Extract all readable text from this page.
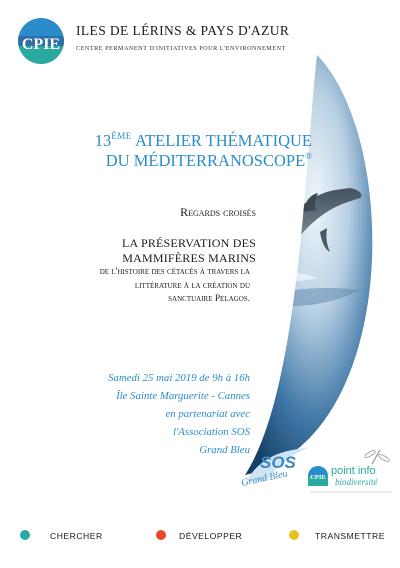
CPIE
ILES DE LÉRINS & PAYS D'AZUR
CENTRE PERMANENT D'INITIATIVES POUR L'ENVIRONNEMENT
13ÈME ATELIER THÉMATIQUE
DU MÉDITERRANOSCOPE®
Regards croisés
LA PRÉSERVATION DES
MAMMIFÈRES MARINS
de l'histoire des cétacés à travers la
littérature à la création du
sanctuaire Pelagos.
Samedi 25 mai 2019 de 9h à 16h
Île Sainte Marguerite - Cannes
en partenariat avec
l'Association SOS
Grand Bleu
SOS
Grand Bleu	CPIE
point info
biodiversité
CHERCHER	DÉVELOPPER	TRANSMETTRE
